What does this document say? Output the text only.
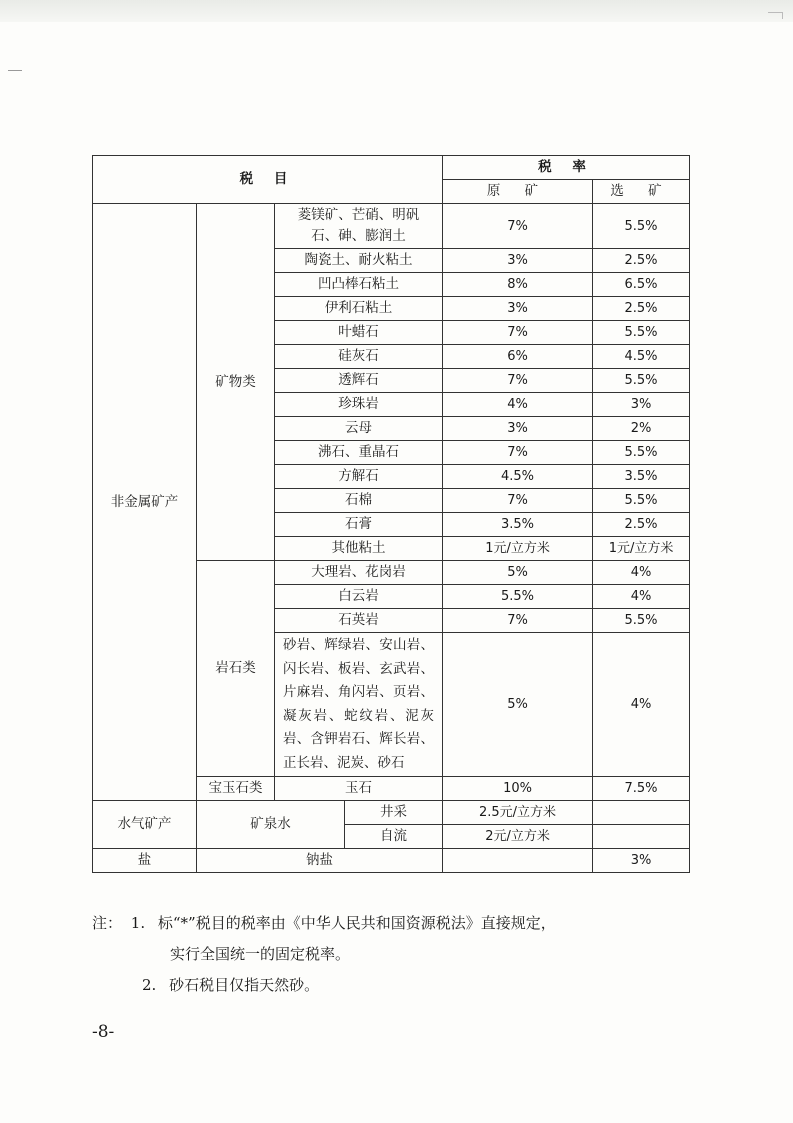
税 目				税 率	
				原 矿	选 矿
非金属矿产	矿物类	菱镁矿、芒硝、明矾石、砷、膨润土		7%	5.5%
		陶瓷土、耐火粘土		3%	2.5%
		凹凸棒石粘土		8%	6.5%
		伊利石粘土		3%	2.5%
		叶蜡石		7%	5.5%
		硅灰石		6%	4.5%
		透辉石		7%	5.5%
		珍珠岩		4%	3%
		云母		3%	2%
		沸石、重晶石		7%	5.5%
		方解石		4.5%	3.5%
		石棉		7%	5.5%
		石膏		3.5%	2.5%
		其他粘土		1元/立方米	1元/立方米
	岩石类	大理岩、花岗岩		5%	4%
		白云岩		5.5%	4%
		石英岩		7%	5.5%
		砂岩、辉绿岩、安山岩、闪长岩、板岩、玄武岩、片麻岩、角闪岩、页岩、凝灰岩、蛇纹岩、泥灰岩、含钾岩石、辉长岩、正长岩、泥炭、砂石		5%	4%
	宝玉石类	玉石		10%	7.5%
水气矿产	矿泉水		井采	2.5元/立方米	
			自流	2元/立方米	
盐	钠盐				3%
注： 1. 标“*”税目的税率由《中华人民共和国资源税法》直接规定，
实行全国统一的固定税率。
2. 砂石税目仅指天然砂。
-8-
